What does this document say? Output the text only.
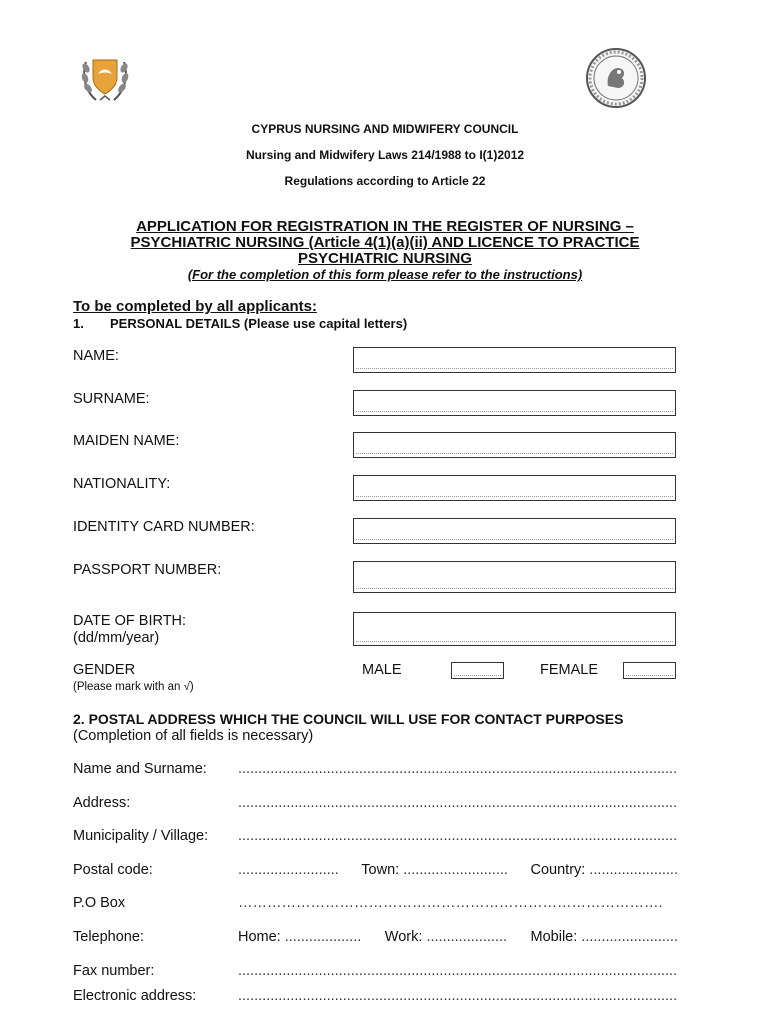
CYPRUS NURSING AND MIDWIFERY COUNCIL
Nursing and Midwifery Laws 214/1988 to I(1)2012
Regulations according to Article 22
APPLICATION FOR REGISTRATION IN THE REGISTER OF NURSING –
PSYCHIATRIC NURSING (Article 4(1)(a)(ii) AND LICENCE TO PRACTICE
PSYCHIATRIC NURSING
(For the completion of this form please refer to the instructions)
To be completed by all applicants:
1. PERSONAL DETAILS (Please use capital letters)
NAME:
SURNAME:
MAIDEN NAME:
NATIONALITY:
IDENTITY CARD NUMBER:
PASSPORT NUMBER:
DATE OF BIRTH:
(dd/mm/year)
GENDER
(Please mark with an √)
MALE	FEMALE
2. POSTAL ADDRESS WHICH THE COUNCIL WILL USE FOR CONTACT PURPOSES
(Completion of all fields is necessary)
Name and Surname:
.....
Address:
.....
Municipality / Village:
.....
Postal code:	......................... Town:
.......................... Country:
......................
P.O Box	…………………………………………………………………………….
Telephone:	Home:
................... Work:
.................... Mobile:
........................
Fax number:
.....
Electronic address:
.....
